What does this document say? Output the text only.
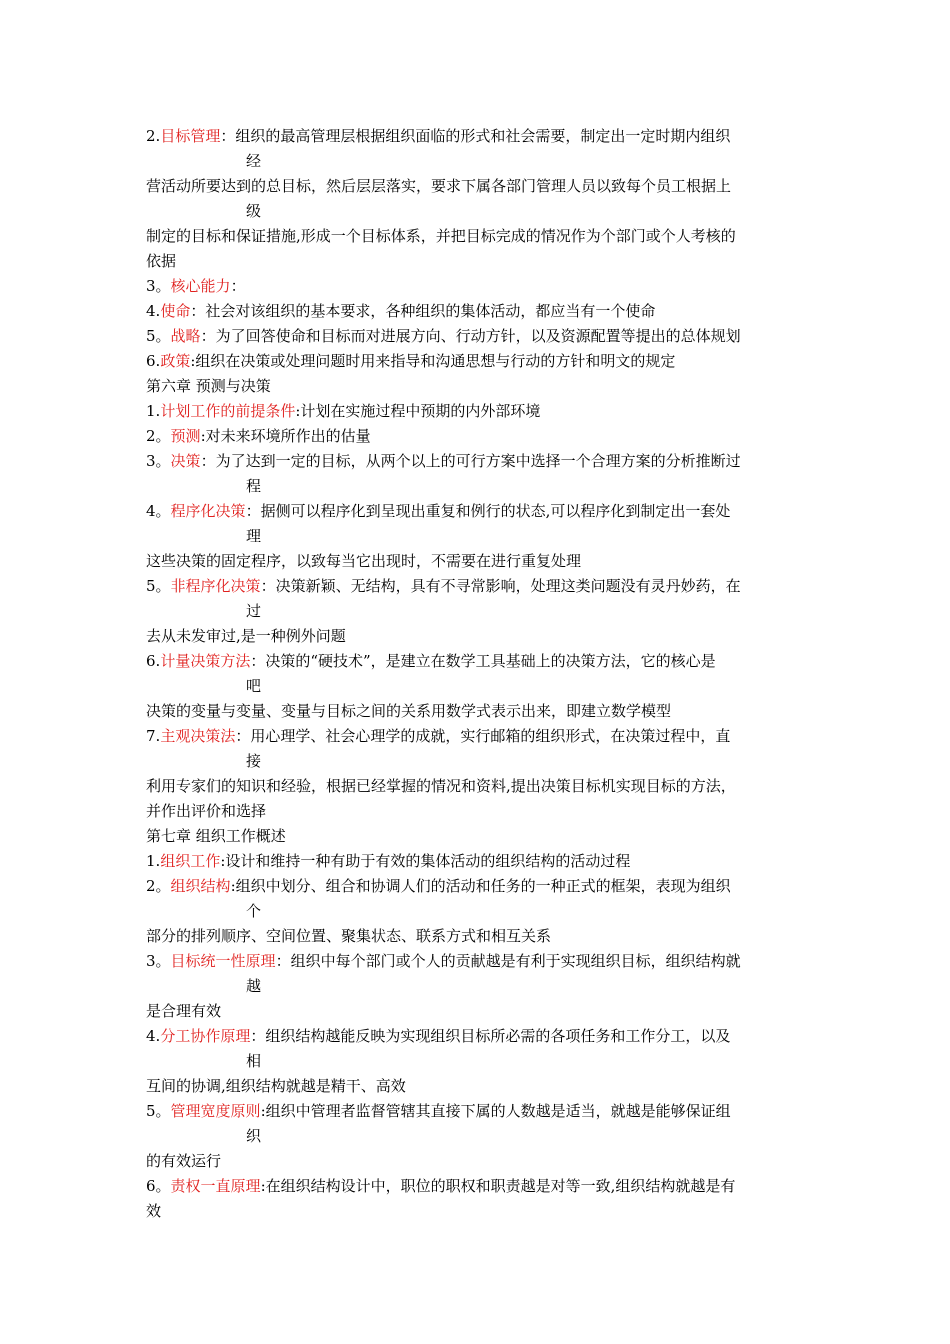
2.目标管理：组织的最高管理层根据组织面临的形式和社会需要，制定出一定时期内组织
经
营活动所要达到的总目标，然后层层落实，要求下属各部门管理人员以致每个员工根据上
级
制定的目标和保证措施,形成一个目标体系，并把目标完成的情况作为个部门或个人考核的
依据
3。核心能力：
4.使命：社会对该组织的基本要求，各种组织的集体活动，都应当有一个使命
5。战略：为了回答使命和目标而对进展方向、行动方针，以及资源配置等提出的总体规划
6.政策:组织在决策或处理问题时用来指导和沟通思想与行动的方针和明文的规定
第六章 预测与决策
1.计划工作的前提条件:计划在实施过程中预期的内外部环境
2。预测:对未来环境所作出的估量
3。决策：为了达到一定的目标，从两个以上的可行方案中选择一个合理方案的分析推断过
程
4。程序化决策：据侧可以程序化到呈现出重复和例行的状态,可以程序化到制定出一套处
理
这些决策的固定程序，以致每当它出现时，不需要在进行重复处理
5。非程序化决策：决策新颖、无结构，具有不寻常影响，处理这类问题没有灵丹妙药，在
过
去从未发审过,是一种例外问题
6.计量决策方法：决策的“硬技术”，是建立在数学工具基础上的决策方法，它的核心是
吧
决策的变量与变量、变量与目标之间的关系用数学式表示出来，即建立数学模型
7.主观决策法：用心理学、社会心理学的成就，实行邮箱的组织形式，在决策过程中，直
接
利用专家们的知识和经验，根据已经掌握的情况和资料,提出决策目标机实现目标的方法，
并作出评价和选择
第七章 组织工作概述
1.组织工作:设计和维持一种有助于有效的集体活动的组织结构的活动过程
2。组织结构:组织中划分、组合和协调人们的活动和任务的一种正式的框架，表现为组织
个
部分的排列顺序、空间位置、聚集状态、联系方式和相互关系
3。目标统一性原理：组织中每个部门或个人的贡献越是有利于实现组织目标，组织结构就
越
是合理有效
4.分工协作原理：组织结构越能反映为实现组织目标所必需的各项任务和工作分工，以及
相
互间的协调,组织结构就越是精干、高效
5。管理宽度原则:组织中管理者监督管辖其直接下属的人数越是适当，就越是能够保证组
织
的有效运行
6。责权一直原理:在组织结构设计中，职位的职权和职责越是对等一致,组织结构就越是有
效
